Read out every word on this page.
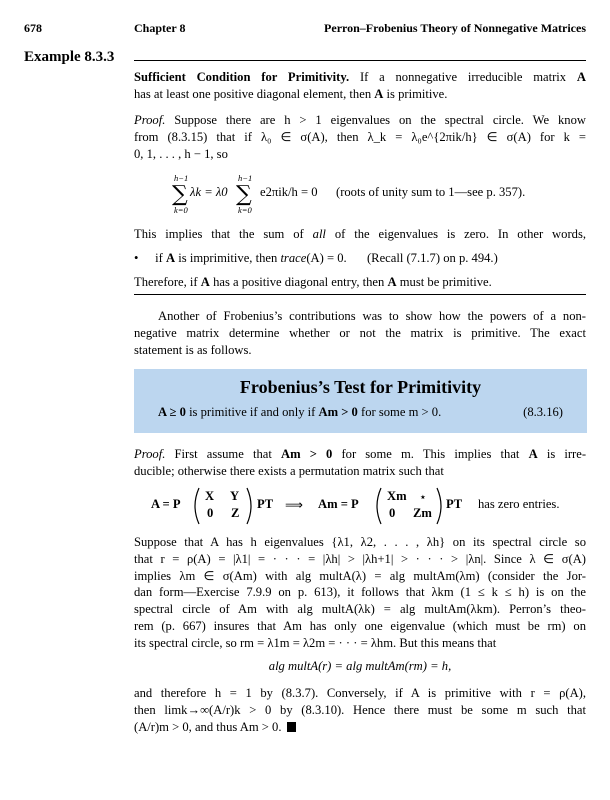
678	Chapter 8	Perron–Frobenius Theory of Nonnegative Matrices
Example 8.3.3
Sufficient Condition for Primitivity. If a nonnegative irreducible matrix A
has at least one positive diagonal element, then A is primitive.
Proof. Suppose there are h > 1 eigenvalues on the spectral circle. We know
from (8.3.15) that if λ₀ ∈ σ(A), then λ_k = λ₀e^{2πik/h} ∈ σ(A) for k =
0, 1, . . . , h − 1, so
h−1
∑
k=0
h−1
∑
k=0
λk = λ0	e2πik/h = 0 (roots of unity sum to 1—see p. 357).
This implies that the sum of all of the eigenvalues is zero. In other words,
• if A is imprimitive, then trace(A) = 0. (Recall (7.1.7) on p. 494.)
Therefore, if A has a positive diagonal entry, then A must be primitive.
Another of Frobenius’s contributions was to show how the powers of a non-
negative matrix determine whether or not the matrix is primitive. The exact
statement is as follows.
Frobenius’s Test for Primitivity
A ≥ 0 is primitive if and only if Am > 0 for some m > 0.	(8.3.16)
Proof. First assume that Am > 0 for some m. This implies that A is irre-
ducible; otherwise there exists a permutation matrix such that
A = P
X Y
0 Z
PT ⟹ Am = P
Xm ⋆
0 Zm
PT has zero entries.
Suppose that A has h eigenvalues {λ1, λ2, . . . , λh} on its spectral circle so
that r = ρ(A) = |λ1| = · · · = |λh| > |λh+1| > · · · > |λn|. Since λ ∈ σ(A)
implies λm ∈ σ(Am) with alg multA(λ) = alg multAm(λm) (consider the Jor-
dan form—Exercise 7.9.9 on p. 613), it follows that λkm (1 ≤ k ≤ h) is on the
spectral circle of Am with alg multA(λk) = alg multAm(λkm). Perron’s theo-
rem (p. 667) insures that Am has only one eigenvalue (which must be rm) on
its spectral circle, so rm = λ1m = λ2m = · · · = λhm. But this means that
alg multA(r) = alg multAm(rm) = h,
and therefore h = 1 by (8.3.7). Conversely, if A is primitive with r = ρ(A),
then limk→∞(A/r)k > 0 by (8.3.10). Hence there must be some m such that
(A/r)m > 0, and thus Am > 0.
